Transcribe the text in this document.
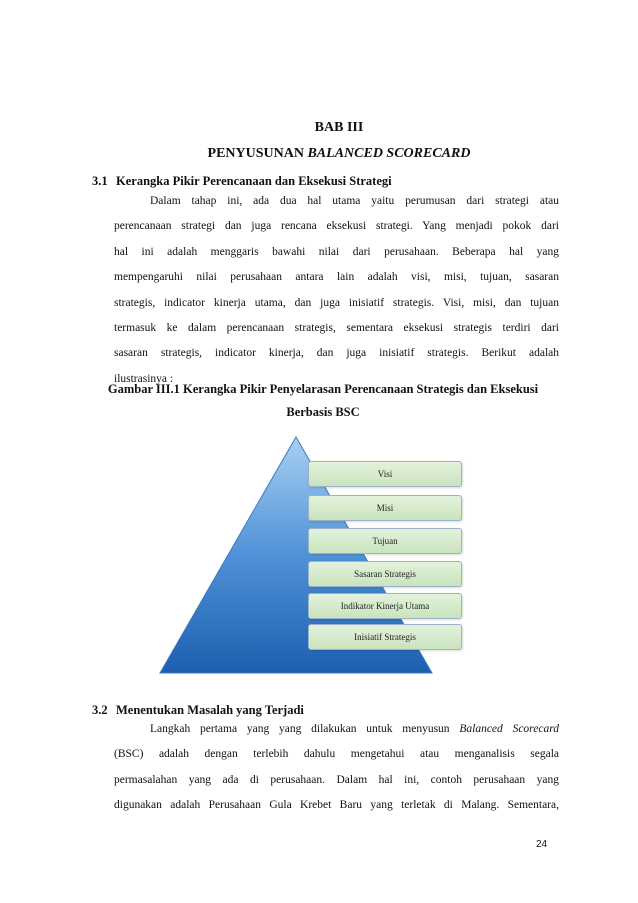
BAB III
PENYUSUNAN BALANCED SCORECARD
3.1 Kerangka Pikir Perencanaan dan Eksekusi Strategi
Dalam tahap ini, ada dua hal utama yaitu perumusan dari strategi atau
perencanaan strategi dan juga rencana eksekusi strategi. Yang menjadi pokok dari
hal ini adalah menggaris bawahi nilai dari perusahaan. Beberapa hal yang
mempengaruhi nilai perusahaan antara lain adalah visi, misi, tujuan, sasaran
strategis, indicator kinerja utama, dan juga inisiatif strategis. Visi, misi, dan tujuan
termasuk ke dalam perencanaan strategis, sementara eksekusi strategis terdiri dari
sasaran strategis, indicator kinerja, dan juga inisiatif strategis. Berikut adalah
ilustrasinya :
Gambar III.1 Kerangka Pikir Penyelarasan Perencanaan Strategis dan Eksekusi
Berbasis BSC
Visi
Misi
Tujuan
Sasaran Strategis
Indikator Kinerja Utama
Inisiatif Strategis
3.2 Menentukan Masalah yang Terjadi
Langkah pertama yang yang dilakukan untuk menyusun Balanced Scorecard
(BSC) adalah dengan terlebih dahulu mengetahui atau menganalisis segala
permasalahan yang ada di perusahaan. Dalam hal ini, contoh perusahaan yang
digunakan adalah Perusahaan Gula Krebet Baru yang terletak di Malang. Sementara,
24
